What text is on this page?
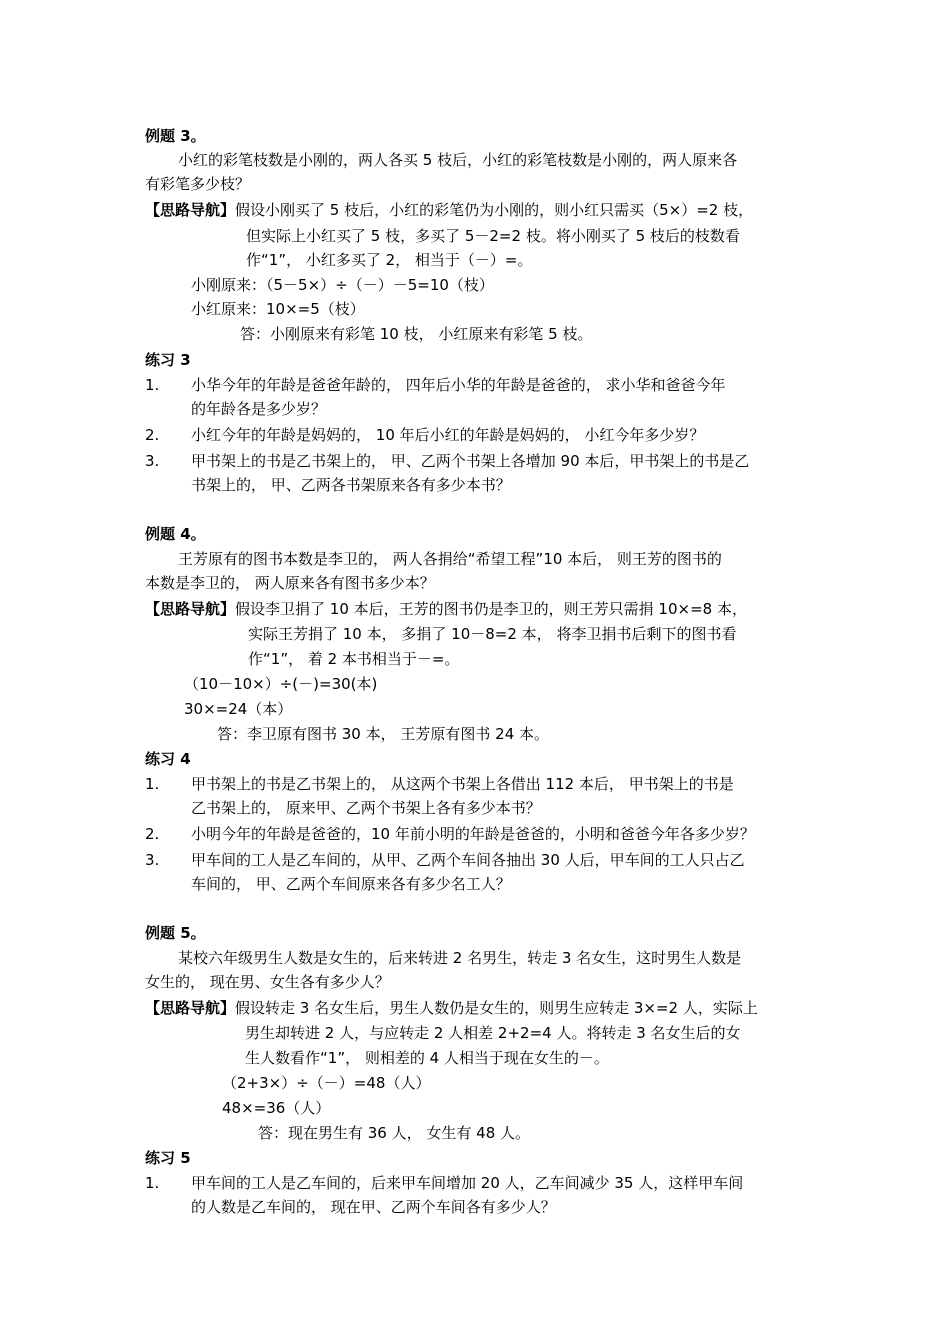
例题 3。
小红的彩笔枝数是小刚的，两人各买 5 枝后，小红的彩笔枝数是小刚的，两人原来各
有彩笔多少枝？
【思路导航】假设小刚买了 5 枝后，小红的彩笔仍为小刚的，则小红只需买（5×）=2 枝，
但实际上小红买了 5 枝，多买了 5－2=2 枝。将小刚买了 5 枝后的枝数看
作“1”， 小红多买了 2， 相当于（－）=。
小刚原来：（5－5×）÷（－）－5=10（枝）
小红原来：10×=5（枝）
答：小刚原来有彩笔 10 枝， 小红原来有彩笔 5 枝。
练习 3
1. 小华今年的年龄是爸爸年龄的， 四年后小华的年龄是爸爸的， 求小华和爸爸今年
的年龄各是多少岁？
2. 小红今年的年龄是妈妈的， 10 年后小红的年龄是妈妈的， 小红今年多少岁？
3. 甲书架上的书是乙书架上的， 甲、乙两个书架上各增加 90 本后，甲书架上的书是乙
书架上的， 甲、乙两各书架原来各有多少本书？
例题 4。
王芳原有的图书本数是李卫的， 两人各捐给“希望工程”10 本后， 则王芳的图书的
本数是李卫的， 两人原来各有图书多少本？
【思路导航】假设李卫捐了 10 本后，王芳的图书仍是李卫的，则王芳只需捐 10×=8 本，
实际王芳捐了 10 本， 多捐了 10－8=2 本， 将李卫捐书后剩下的图书看
作“1”， 着 2 本书相当于－=。
（10－10×）÷(－)=30(本)
30×=24（本）
答：李卫原有图书 30 本， 王芳原有图书 24 本。
练习 4
1. 甲书架上的书是乙书架上的， 从这两个书架上各借出 112 本后， 甲书架上的书是
乙书架上的， 原来甲、乙两个书架上各有多少本书？
2. 小明今年的年龄是爸爸的，10 年前小明的年龄是爸爸的，小明和爸爸今年各多少岁？
3. 甲车间的工人是乙车间的，从甲、乙两个车间各抽出 30 人后，甲车间的工人只占乙
车间的， 甲、乙两个车间原来各有多少名工人？
例题 5。
某校六年级男生人数是女生的，后来转进 2 名男生，转走 3 名女生，这时男生人数是
女生的， 现在男、女生各有多少人？
【思路导航】假设转走 3 名女生后，男生人数仍是女生的，则男生应转走 3×=2 人，实际上
男生却转进 2 人，与应转走 2 人相差 2+2=4 人。将转走 3 名女生后的女
生人数看作“1”， 则相差的 4 人相当于现在女生的－。
（2+3×）÷（－）=48（人）
48×=36（人）
答：现在男生有 36 人， 女生有 48 人。
练习 5
1. 甲车间的工人是乙车间的，后来甲车间增加 20 人，乙车间减少 35 人，这样甲车间
的人数是乙车间的， 现在甲、乙两个车间各有多少人？
